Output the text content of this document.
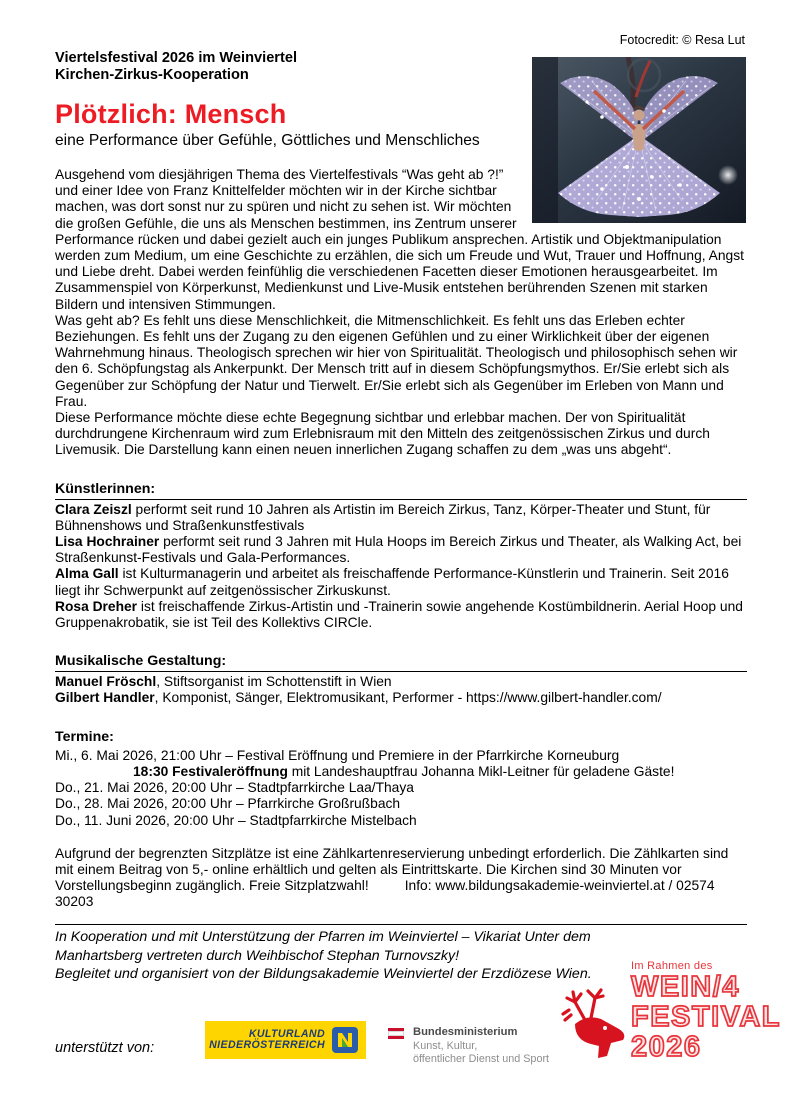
Fotocredit: © Resa Lut
Viertelsfestival 2026 im Weinviertel
Kirchen-Zirkus-Kooperation
Plötzlich: Mensch
eine Performance über Gefühle, Göttliches und Menschliches

Ausgehend vom diesjährigen Thema des Viertelfestivals “Was geht ab ?!” und einer Idee von Franz Knittelfelder möchten wir in der Kirche sichtbar machen, was dort sonst nur zu spüren und nicht zu sehen ist. Wir möchten die großen Gefühle, die uns als Menschen bestimmen, ins Zentrum unserer Performance rücken und dabei gezielt auch ein junges Publikum ansprechen. Artistik und Objektmanipulation werden zum Medium, um eine Geschichte zu erzählen, die sich um Freude und Wut, Trauer und Hoffnung, Angst und Liebe dreht. Dabei werden feinfühlig die verschiedenen Facetten dieser Emotionen herausgearbeitet. Im Zusammenspiel von Körperkunst, Medienkunst und Live-Musik entstehen berührenden Szenen mit starken Bildern und intensiven Stimmungen.

Was geht ab? Es fehlt uns diese Menschlichkeit, die Mitmenschlichkeit. Es fehlt uns das Erleben echter Beziehungen. Es fehlt uns der Zugang zu den eigenen Gefühlen und zu einer Wirklichkeit über der eigenen Wahrnehmung hinaus. Theologisch sprechen wir hier von Spiritualität. Theologisch und philosophisch sehen wir den 6. Schöpfungstag als Ankerpunkt. Der Mensch tritt auf in diesem Schöpfungsmythos. Er/Sie erlebt sich als Gegenüber zur Schöpfung der Natur und Tierwelt. Er/Sie erlebt sich als Gegenüber im Erleben von Mann und Frau.

Diese Performance möchte diese echte Begegnung sichtbar und erlebbar machen. Der von Spiritualität durchdrungene Kirchenraum wird zum Erlebnisraum mit den Mitteln des zeitgenössischen Zirkus und durch Livemusik. Die Darstellung kann einen neuen innerlichen Zugang schaffen zu dem „was uns abgeht“.

Künstlerinnen:

Clara Zeiszl performt seit rund 10 Jahren als Artistin im Bereich Zirkus, Tanz, Körper-Theater und Stunt, für Bühnenshows und Straßenkunstfestivals

Lisa Hochrainer performt seit rund 3 Jahren mit Hula Hoops im Bereich Zirkus und Theater, als Walking Act, bei Straßenkunst-Festivals und Gala-Performances.

Alma Gall ist Kulturmanagerin und arbeitet als freischaffende Performance-Künstlerin und Trainerin. Seit 2016 liegt ihr Schwerpunkt auf zeitgenössischer Zirkuskunst.

Rosa Dreher ist freischaffende Zirkus-Artistin und -Trainerin sowie angehende Kostümbildnerin. Aerial Hoop und Gruppenakrobatik, sie ist Teil des Kollektivs CIRCle.

Musikalische Gestaltung:

Manuel Fröschl, Stiftsorganist im Schottenstift in Wien

Gilbert Handler, Komponist, Sänger, Elektromusikant, Performer - https://www.gilbert-handler.com/

Termine:

Mi., 6. Mai 2026, 21:00 Uhr – Festival Eröffnung und Premiere in der Pfarrkirche Korneuburg

18:30 Festivaleröffnung mit Landeshauptfrau Johanna Mikl-Leitner für geladene Gäste!

Do., 21. Mai 2026, 20:00 Uhr – Stadtpfarrkirche Laa/Thaya

Do., 28. Mai 2026, 20:00 Uhr – Pfarrkirche Großrußbach

Do., 11. Juni 2026, 20:00 Uhr – Stadtpfarrkirche Mistelbach

Aufgrund der begrenzten Sitzplätze ist eine Zählkartenreservierung unbedingt erforderlich. Die Zählkarten sind mit einem Beitrag von 5,- online erhältlich und gelten als Eintrittskarte. Die Kirchen sind 30 Minuten vor Vorstellungsbeginn zugänglich. Freie Sitzplatzwahl!	Info: www.bildungsakademie-weinviertel.at / 02574 30203

In Kooperation und mit Unterstützung der Pfarren im Weinviertel – Vikariat Unter dem Manhartsberg vertreten durch Weihbischof Stephan Turnovszky!

Begleitet und organisiert von der Bildungsakademie Weinviertel der Erzdiözese Wien.

unterstützt von:
KULTURLAND
NIEDERÖSTERREICH
Bundesministerium
Kunst, Kultur,
öffentlicher Dienst und Sport
Im Rahmen des
WEIN/4
FESTIVAL
2026
